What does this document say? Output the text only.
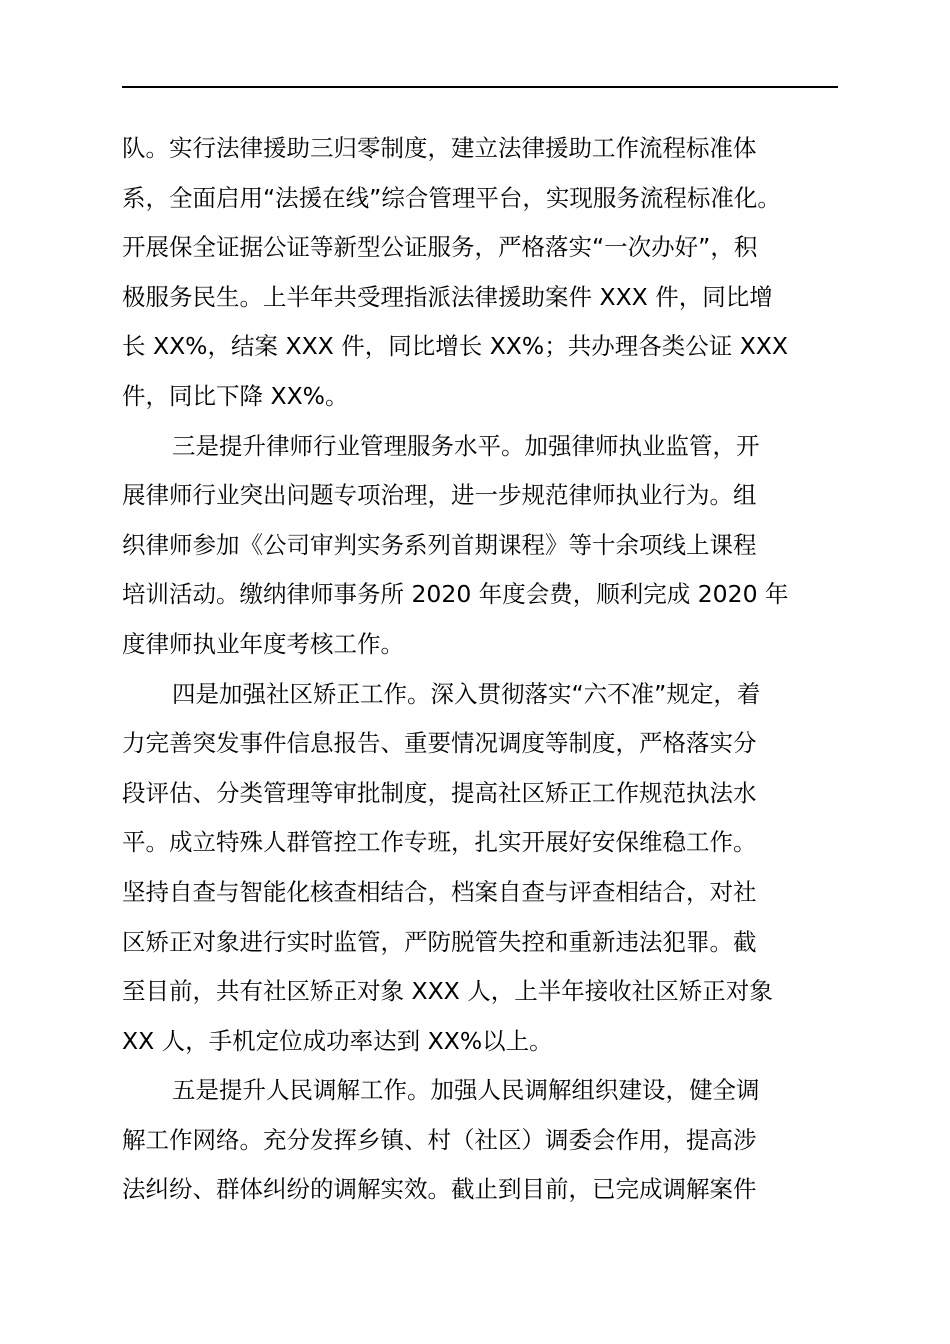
队。实行法律援助三归零制度，建立法律援助工作流程标准体
系，全面启用“法援在线”综合管理平台，实现服务流程标准化。
开展保全证据公证等新型公证服务，严格落实“一次办好”，积
极服务民生。上半年共受理指派法律援助案件 XXX 件，同比增
长 XX%，结案 XXX 件，同比增长 XX%；共办理各类公证 XXX
件，同比下降 XX%。
三是提升律师行业管理服务水平。加强律师执业监管，开
展律师行业突出问题专项治理，进一步规范律师执业行为。组
织律师参加《公司审判实务系列首期课程》等十余项线上课程
培训活动。缴纳律师事务所 2020 年度会费，顺利完成 2020 年
度律师执业年度考核工作。
四是加强社区矫正工作。深入贯彻落实“六不准”规定，着
力完善突发事件信息报告、重要情况调度等制度，严格落实分
段评估、分类管理等审批制度，提高社区矫正工作规范执法水
平。成立特殊人群管控工作专班，扎实开展好安保维稳工作。
坚持自查与智能化核查相结合，档案自查与评查相结合，对社
区矫正对象进行实时监管，严防脱管失控和重新违法犯罪。截
至目前，共有社区矫正对象 XXX 人，上半年接收社区矫正对象
XX 人，手机定位成功率达到 XX%以上。
五是提升人民调解工作。加强人民调解组织建设，健全调
解工作网络。充分发挥乡镇、村（社区）调委会作用，提高涉
法纠纷、群体纠纷的调解实效。截止到目前，已完成调解案件
